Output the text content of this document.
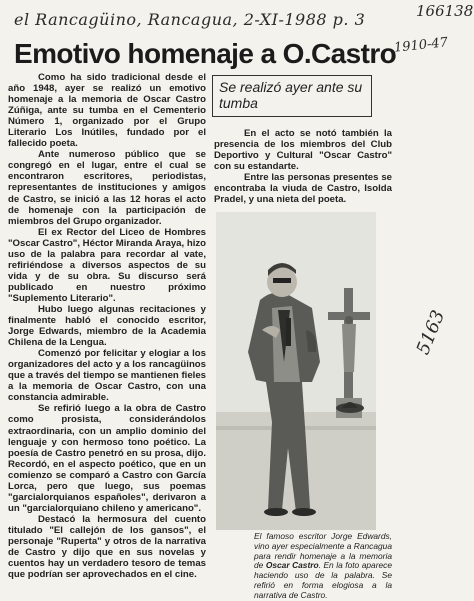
el Rancagüino, Rancagua, 2-XI-1988 p. 3	166138
1910-47
5163
Emotivo homenaje a O.Castro

Como ha sido tradicional desde el año 1948, ayer se realizó un emotivo homenaje a la memoria de Oscar Castro Zúñiga, ante su tumba en el Cementerio Número 1, organizado por el Grupo Literario Los Inútiles, fundado por el fallecido poeta.

Ante numeroso público que se congregó en el lugar, entre el cual se encontraron escritores, periodistas, representantes de instituciones y amigos de Castro, se inició a las 12 horas el acto de homenaje con la participación de miembros del Grupo organizador.

El ex Rector del Liceo de Hombres "Oscar Castro", Héctor Miranda Araya, hizo uso de la palabra para recordar al vate, refiriéndose a diversos aspectos de su vida y de su obra. Su discurso será publicado en nuestro próximo "Suplemento Literario".

Hubo luego algunas recitaciones y finalmente habló el conocido escritor, Jorge Edwards, miembro de la Academia Chilena de la Lengua.

Comenzó por felicitar y elogiar a los organizadores del acto y a los rancagüinos que a través del tiempo se mantienen fieles a la memoria de Oscar Castro, con una constancia admirable.

Se refirió luego a la obra de Castro como prosista, considerándolos extraordinaria, con un amplio dominio del lenguaje y con hermoso tono poético. La poesía de Castro penetró en su prosa, dijo. Recordó, en el aspecto poético, que en un comienzo se comparó a Castro con García Lorca, pero que luego, sus poemas "garcialorquianos españoles", derivaron a un "garcialorquiano chileno y americano".

Destacó la hermosura del cuento titulado "El callejón de los gansos", el personaje "Ruperta" y otros de la narrativa de Castro y dijo que en sus novelas y cuentos hay un verdadero tesoro de temas que podrían ser aprovechados en el cine.

Se realizó ayer ante su tumba

En el acto se notó también la presencia de los miembros del Club Deportivo y Cultural "Oscar Castro" con su estandarte.

Entre las personas presentes se encontraba la viuda de Castro, Isolda Pradel, y una nieta del poeta.

El famoso escritor Jorge Edwards, vino ayer especialmente a Rancagua para rendir homenaje a la memoria de Oscar Castro. En la foto aparece haciendo uso de la palabra. Se refirió en forma elogiosa a la narrativa de Castro.
